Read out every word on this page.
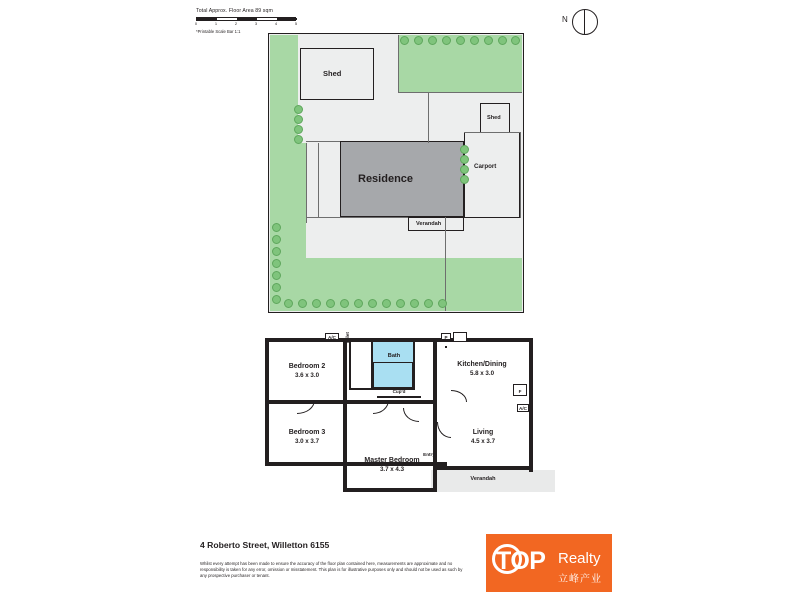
Total Approx. Floor Area 89 sqm
0	1	2	3	4	5
*Printable Scale Bar 1:1
N
Shed
Shed
Residence
Carport
Verandah
Bedroom 2
3.6 x 3.0
Bath
Kitchen/Dining
5.8 x 3.0
Bedroom 3
3.0 x 3.7
Master Bedroom
3.7 x 4.3
Living
4.5 x 3.7
Verandah
Cup'd
Entry
Toilet
A/C
A/C
P
F
4 Roberto Street, Willetton 6155
Whilst every attempt has been made to ensure the accuracy of the floor plan contained here, measurements are approximate and no responsibility is taken for any error, omission or misstatement. This plan is for illustrative purposes only and should not be used as such by any prospective purchaser or tenant.
TOP Realty
立峰产业
